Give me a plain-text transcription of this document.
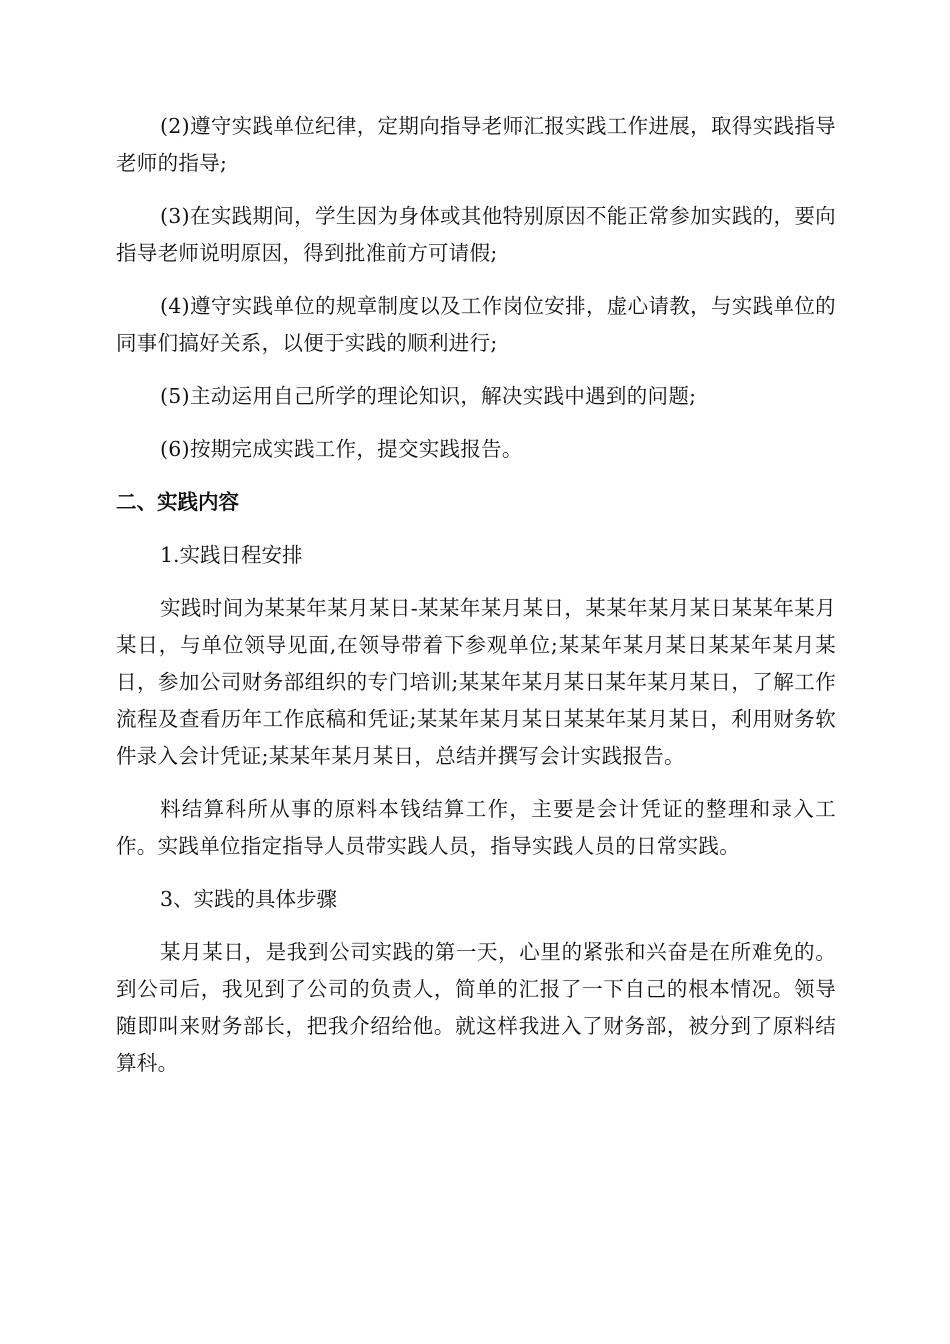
(2)遵守实践单位纪律，定期向指导老师汇报实践工作进展，取得实践指导老师的指导;

(3)在实践期间，学生因为身体或其他特别原因不能正常参加实践的，要向指导老师说明原因，得到批准前方可请假;

(4)遵守实践单位的规章制度以及工作岗位安排，虚心请教，与实践单位的同事们搞好关系，以便于实践的顺利进行;

(5)主动运用自己所学的理论知识，解决实践中遇到的问题;

(6)按期完成实践工作，提交实践报告。

二、实践内容

1.实践日程安排

实践时间为某某年某月某日-某某年某月某日，某某年某月某日某某年某月某日，与单位领导见面,在领导带着下参观单位;某某年某月某日某某年某月某日，参加公司财务部组织的专门培训;某某年某月某日某年某月某日，了解工作流程及查看历年工作底稿和凭证;某某年某月某日某某年某月某日，利用财务软件录入会计凭证;某某年某月某日，总结并撰写会计实践报告。

料结算科所从事的原料本钱结算工作，主要是会计凭证的整理和录入工作。实践单位指定指导人员带实践人员，指导实践人员的日常实践。

3、实践的具体步骤

某月某日，是我到公司实践的第一天，心里的紧张和兴奋是在所难免的。到公司后，我见到了公司的负责人，简单的汇报了一下自己的根本情况。领导随即叫来财务部长，把我介绍给他。就这样我进入了财务部，被分到了原料结算科。
